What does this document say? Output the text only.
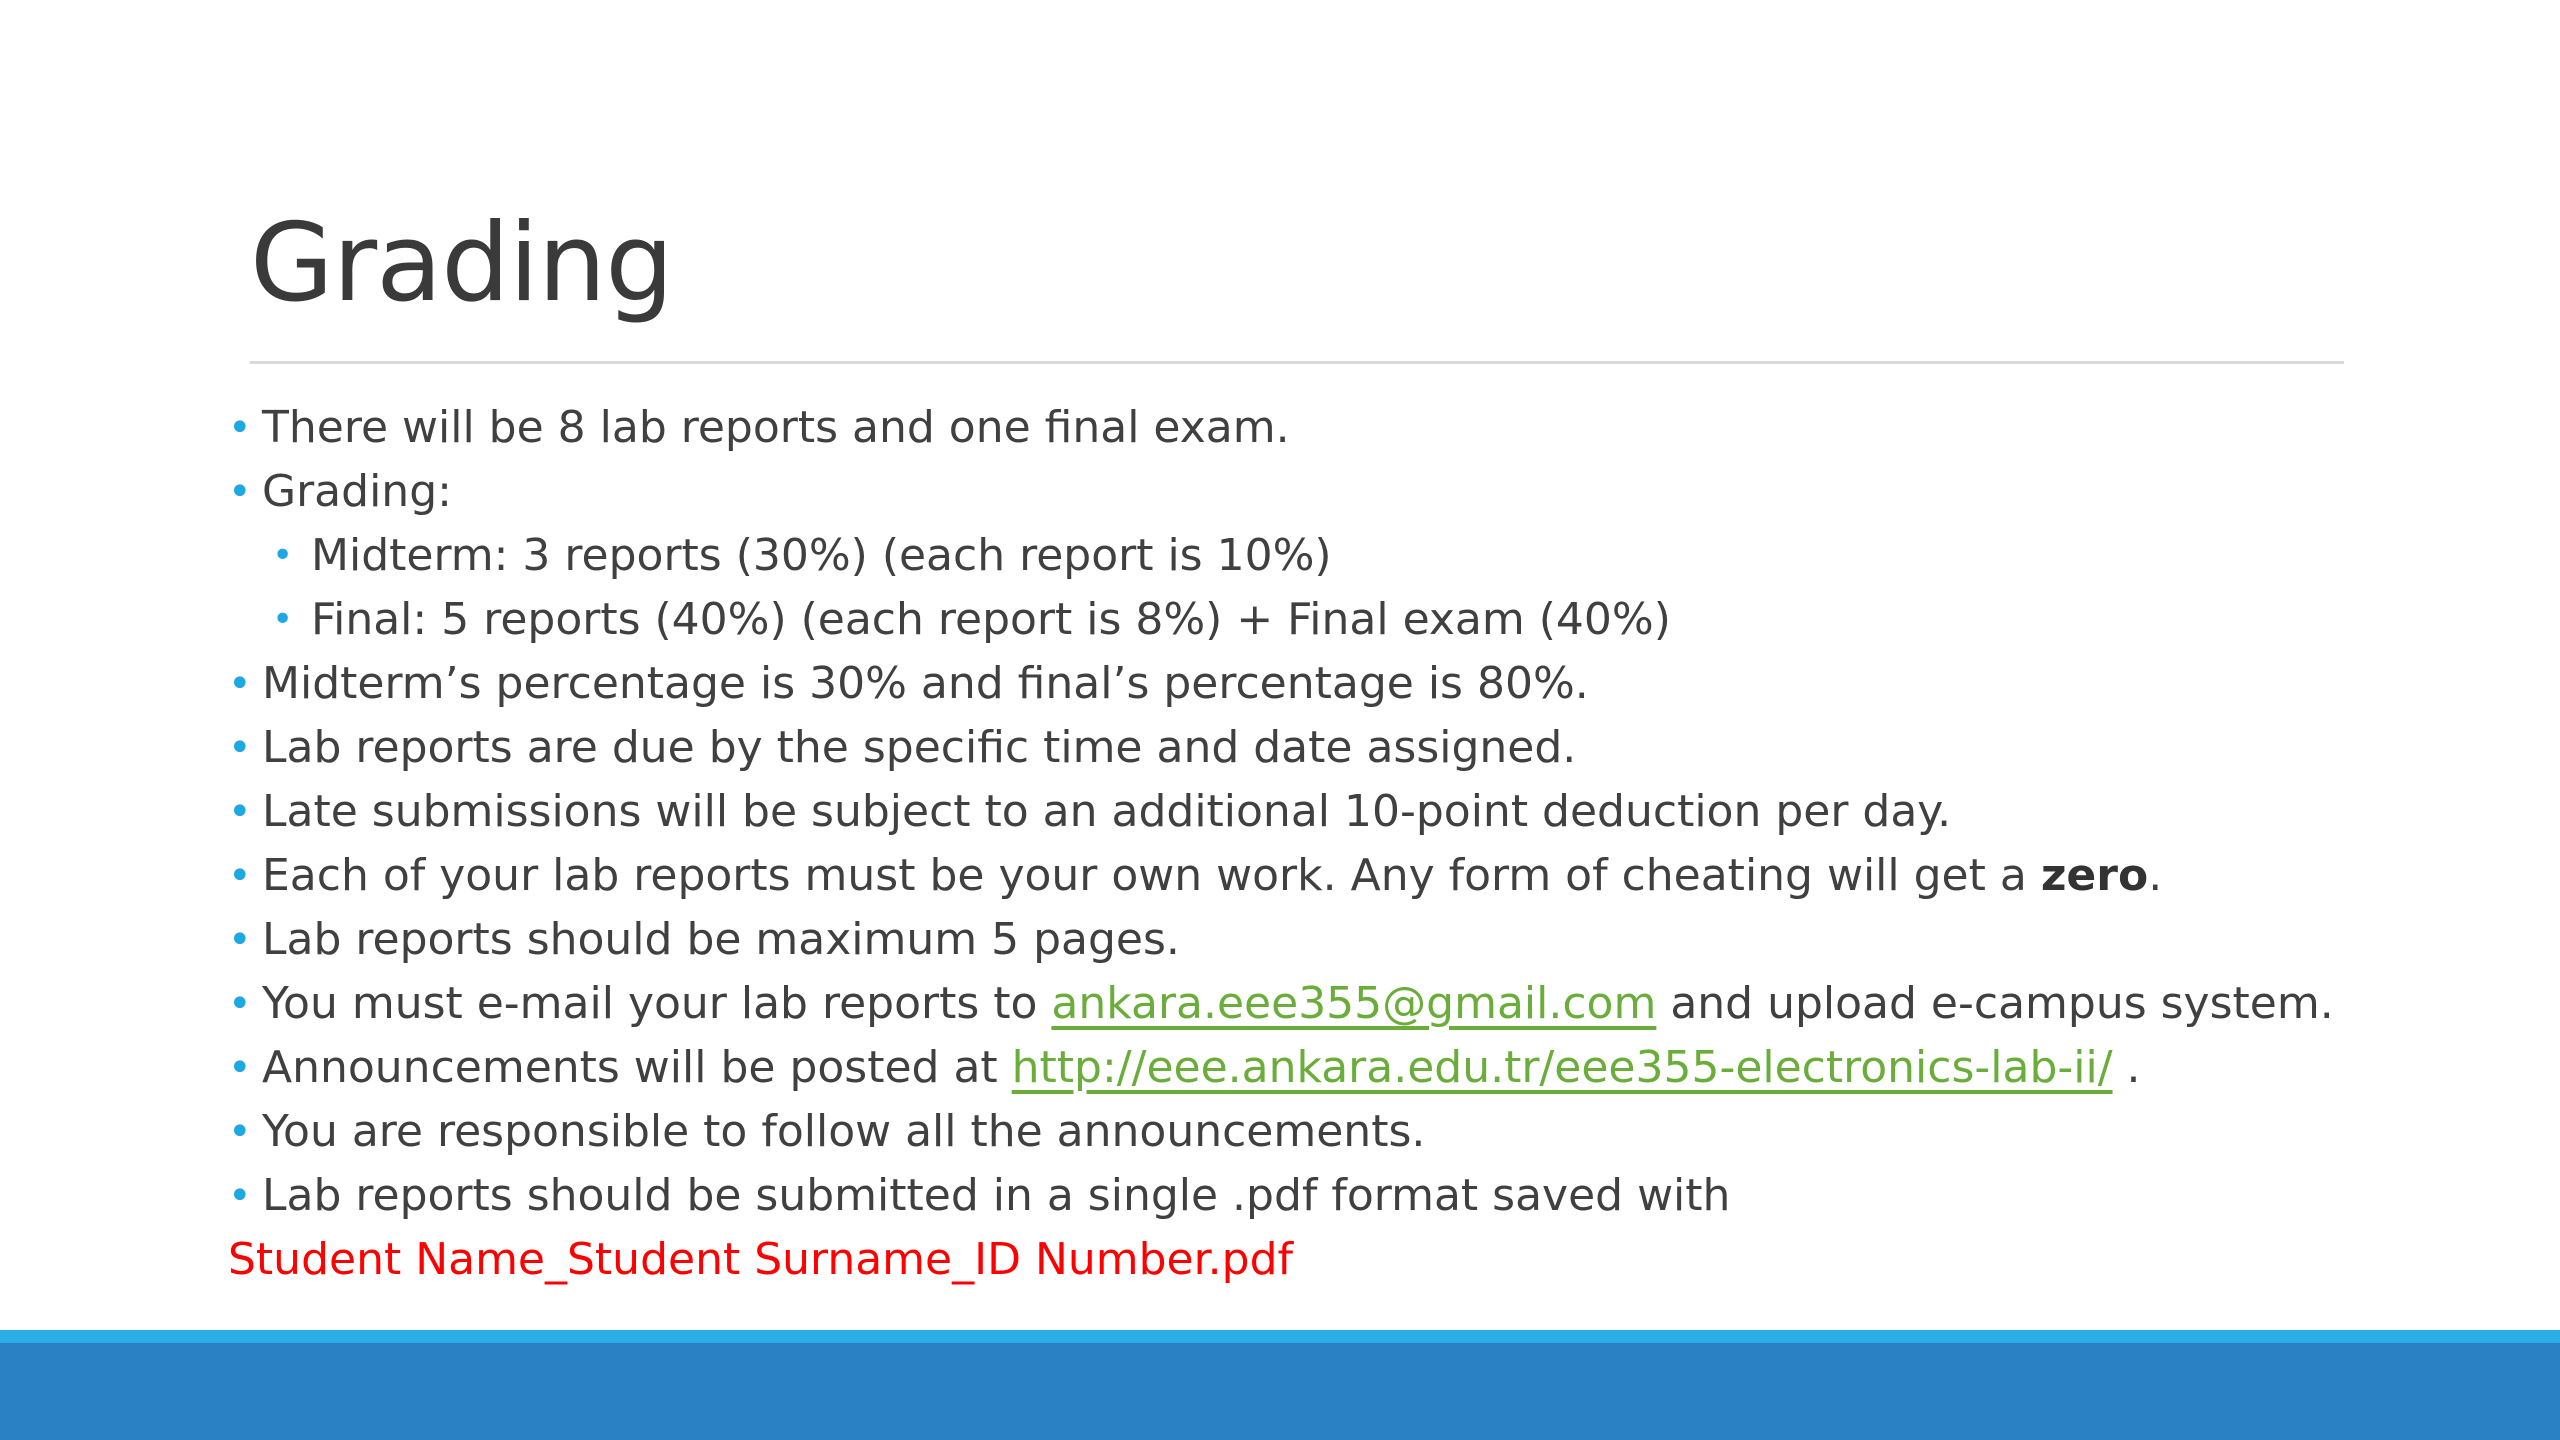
Grading
• There will be 8 lab reports and one final exam.
• Grading:
• Midterm: 3 reports (30%) (each report is 10%)
• Final: 5 reports (40%) (each report is 8%) + Final exam (40%)
• Midterm’s percentage is 30% and final’s percentage is 80%.
• Lab reports are due by the specific time and date assigned.
• Late submissions will be subject to an additional 10-point deduction per day.
• Each of your lab reports must be your own work. Any form of cheating will get a zero.
• Lab reports should be maximum 5 pages.
• You must e-mail your lab reports to ankara.eee355@gmail.com and upload e-campus system.
• Announcements will be posted at http://eee.ankara.edu.tr/eee355-electronics-lab-ii/ .
• You are responsible to follow all the announcements.
• Lab reports should be submitted in a single .pdf format saved with
Student Name_Student Surname_ID Number.pdf
